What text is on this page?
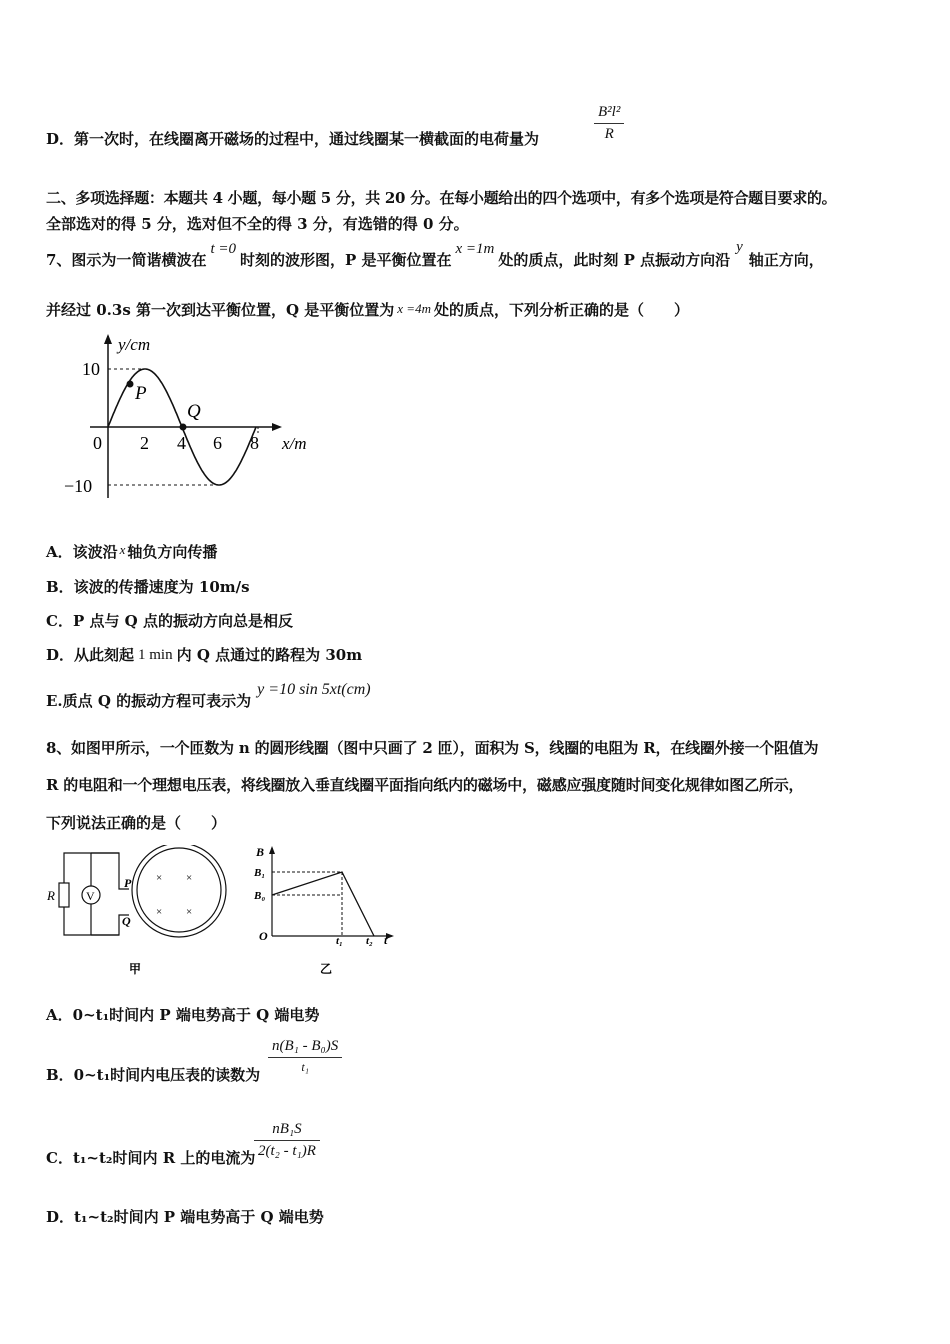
D．第一次时，在线圈离开磁场的过程中，通过线圈某一横截面的电荷量为
B²l²
R
二、多项选择题：本题共 4 小题，每小题 5 分，共 20 分。在每小题给出的四个选项中，有多个选项是符合题目要求的。
全部选对的得 5 分，选对但不全的得 3 分，有选错的得 0 分。
7、图示为一简谐横波在t =0时刻的波形图，P 是平衡位置在x =1m处的质点，此时刻 P 点振动方向沿y轴正方向，
并经过 0.3s 第一次到达平衡位置，Q 是平衡位置为 x =4m 处的质点，下列分析正确的是（　　）
y/cm
x/m
10
−10
0 2 4 6 8
P
Q
A．该波沿 x 轴负方向传播
B．该波的传播速度为 10m/s
C．P 点与 Q 点的振动方向总是相反
D．从此刻起 1 min 内 Q 点通过的路程为 30m
E.质点 Q 的振动方程可表示为y =10 sin 5xt(cm)
8、如图甲所示，一个匝数为 n 的圆形线圈（图中只画了 2 匝），面积为 S，线圈的电阻为 R，在线圈外接一个阻值为
R 的电阻和一个理想电压表，将线圈放入垂直线圈平面指向纸内的磁场中，磁感应强度随时间变化规律如图乙所示，
下列说法正确的是（　　）
R	V
P
Q
× ×
× ×
甲
B
B₁
B₀
O	t₁ t₂ t
乙
A．0~t₁时间内 P 端电势高于 Q 端电势
B．0~t₁时间内电压表的读数为
n(B₁ - B₀)S
t₁
C．t₁~t₂时间内 R 上的电流为
nB₁S
2(t₂ - t₁)R
D．t₁~t₂时间内 P 端电势高于 Q 端电势
